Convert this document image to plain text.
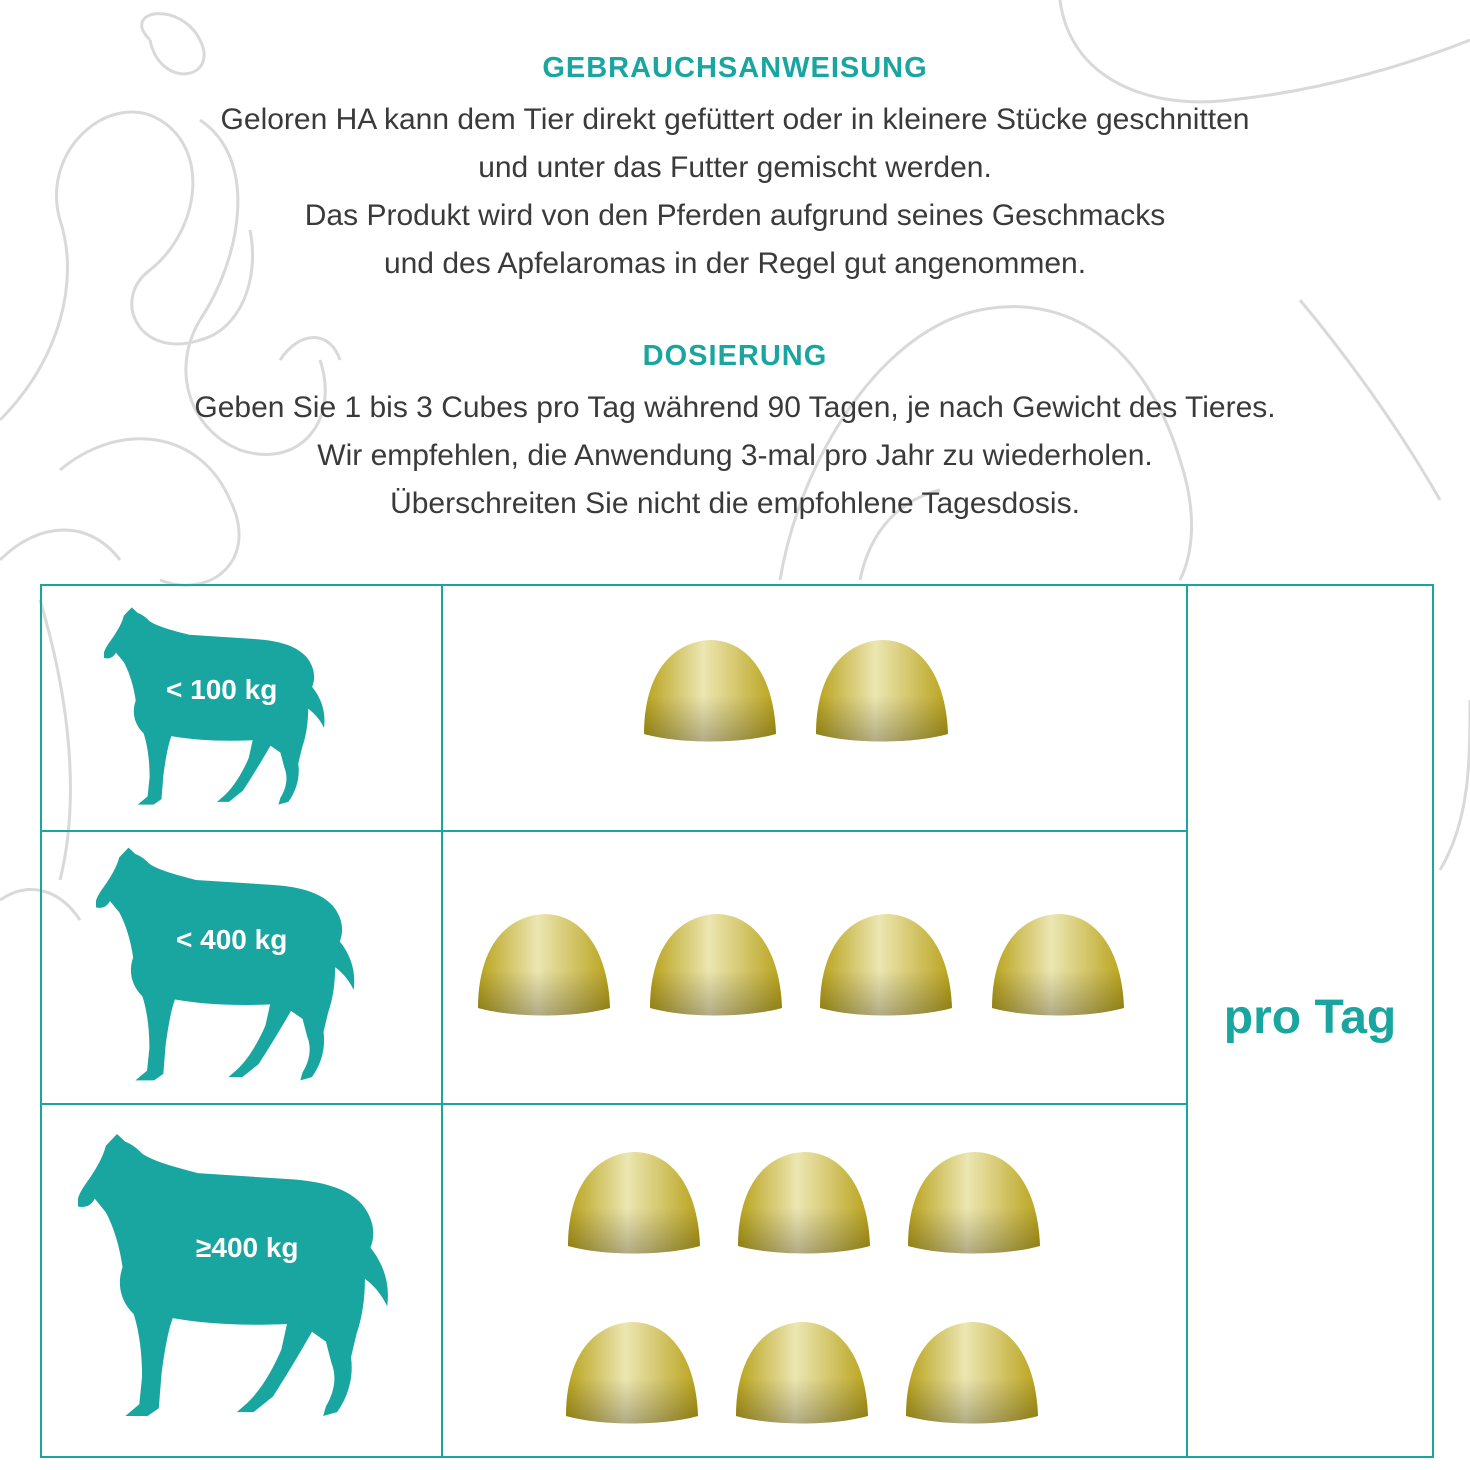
GEBRAUCHSANWEISUNG
Geloren HA kann dem Tier direkt gefüttert oder in kleinere Stücke geschnitten
und unter das Futter gemischt werden.
Das Produkt wird von den Pferden aufgrund seines Geschmacks
und des Apfelaromas in der Regel gut angenommen.
DOSIERUNG
Geben Sie 1 bis 3 Cubes pro Tag während 90 Tagen, je nach Gewicht des Tieres.
Wir empfehlen, die Anwendung 3-mal pro Jahr zu wiederholen.
Überschreiten Sie nicht die empfohlene Tagesdosis.
< 100 kg
< 400 kg
≥400 kg
pro Tag
